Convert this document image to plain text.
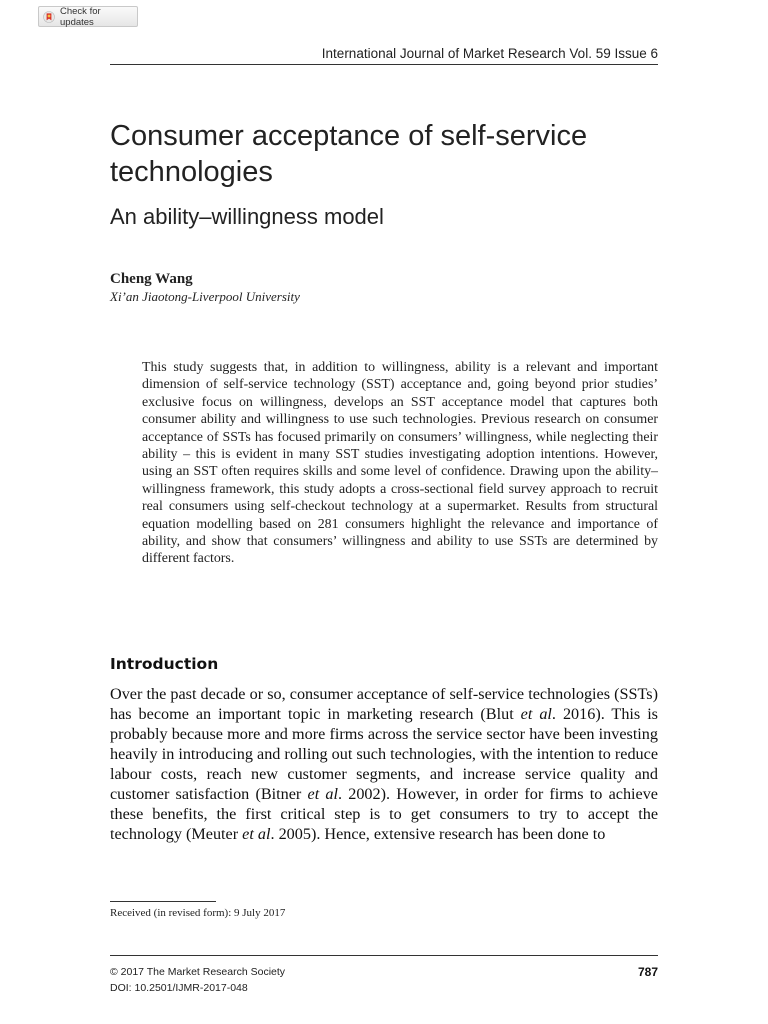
Check for updates
International Journal of Market Research Vol. 59 Issue 6
Consumer acceptance of self-service technologies
An ability–willingness model
Cheng Wang
Xi’an Jiaotong-Liverpool University

This study suggests that, in addition to willingness, ability is a relevant and important dimension of self-service technology (SST) acceptance and, going beyond prior studies’ exclusive focus on willingness, develops an SST acceptance model that captures both consumer ability and willingness to use such technologies. Previous research on consumer acceptance of SSTs has focused primarily on consumers’ willingness, while neglecting their ability – this is evident in many SST studies investigating adoption intentions. However, using an SST often requires skills and some level of confidence. Drawing upon the ability–willingness framework, this study adopts a cross-sectional field survey approach to recruit real consumers using self-checkout technology at a supermarket. Results from structural equation modelling based on 281 consumers highlight the relevance and importance of ability, and show that consumers’ willingness and ability to use SSTs are determined by different factors.

Introduction

Over the past decade or so, consumer acceptance of self-service technologies (SSTs) has become an important topic in marketing research (Blut et al. 2016). This is probably because more and more firms across the service sector have been investing heavily in introducing and rolling out such technologies, with the intention to reduce labour costs, reach new customer segments, and increase service quality and customer satisfaction (Bitner et al. 2002). However, in order for firms to achieve these benefits, the first critical step is to get consumers to try to accept the technology (Meuter et al. 2005). Hence, extensive research has been done to

Received (in revised form): 9 July 2017
© 2017 The Market Research Society
DOI: 10.2501/IJMR-2017-048
787
